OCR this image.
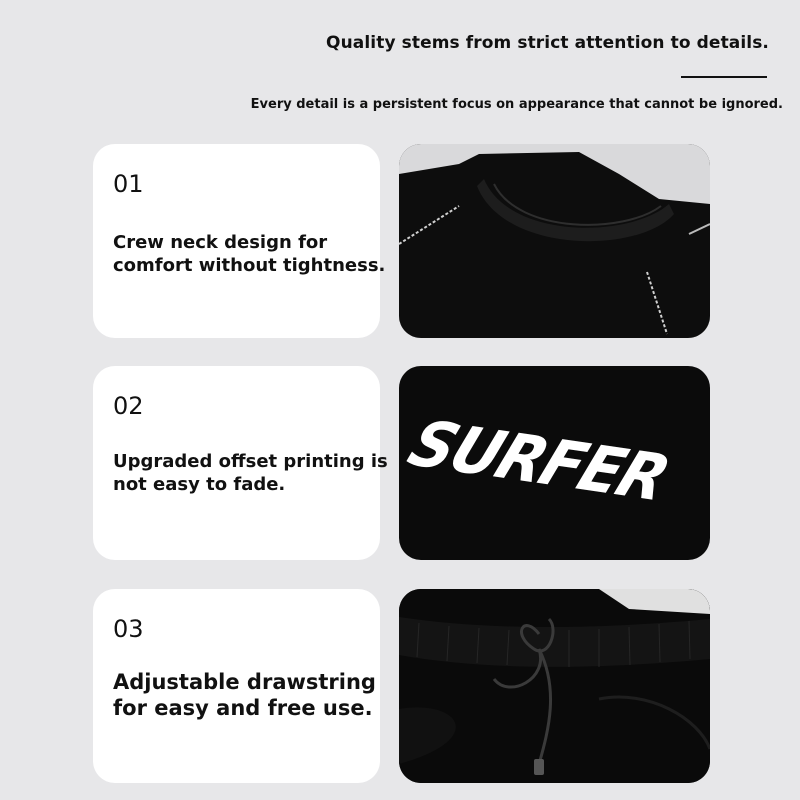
Quality stems from strict attention to details.
Every detail is a persistent focus on appearance that cannot be ignored.
01
Crew neck design for
comfort without tightness.
02
Upgraded offset printing is
not easy to fade.	SURFER
03
Adjustable drawstring
for easy and free use.
